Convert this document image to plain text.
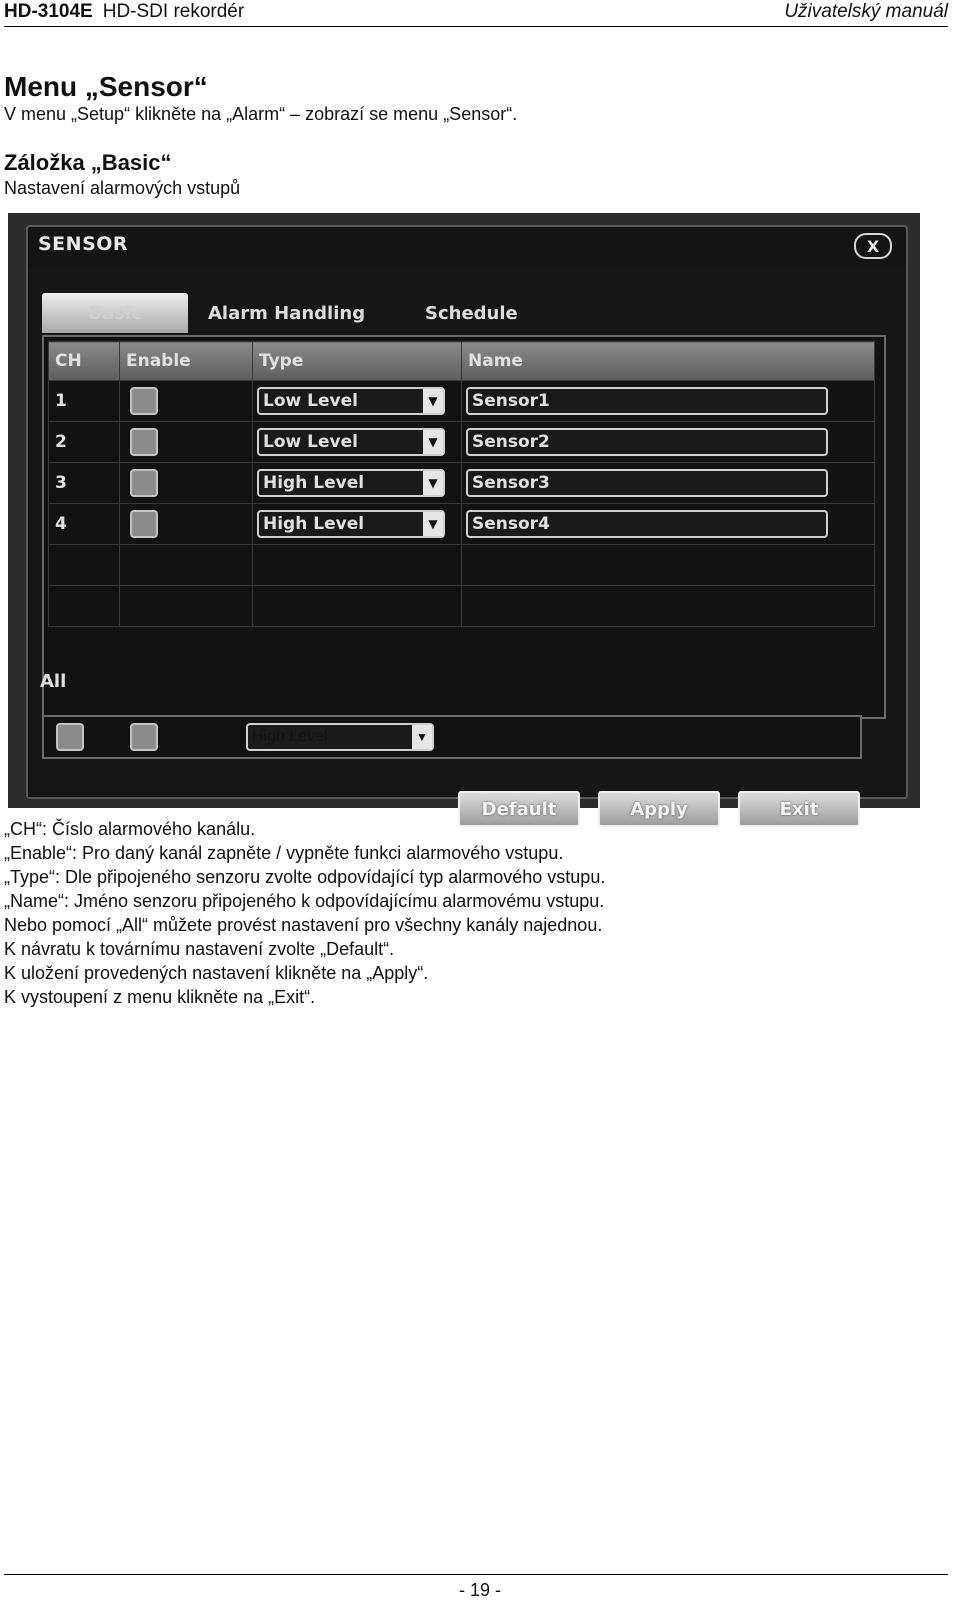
HD-3104E HD-SDI rekordér	Uživatelský manuál
Menu „Sensor“
V menu „Setup“ klikněte na „Alarm“ – zobrazí se menu „Sensor“.
Záložka „Basic“
Nastavení alarmových vstupů
SENSOR	X
Basic	Alarm Handling	Schedule
CH	Enable	Type	Name
1		Low Level ▼	Sensor1

2		Low Level ▼	Sensor2

3		High Level ▼	Sensor3

4		High Level ▼	Sensor4

All
High Level	▼
Default	Apply	Exit
„CH“: Číslo alarmového kanálu.
„Enable“: Pro daný kanál zapněte / vypněte funkci alarmového vstupu.
„Type“: Dle připojeného senzoru zvolte odpovídající typ alarmového vstupu.
„Name“: Jméno senzoru připojeného k odpovídajícímu alarmovému vstupu.
Nebo pomocí „All“ můžete provést nastavení pro všechny kanály najednou.
K návratu k továrnímu nastavení zvolte „Default“.
K uložení provedených nastavení klikněte na „Apply“.
K vystoupení z menu klikněte na „Exit“.
- 19 -
